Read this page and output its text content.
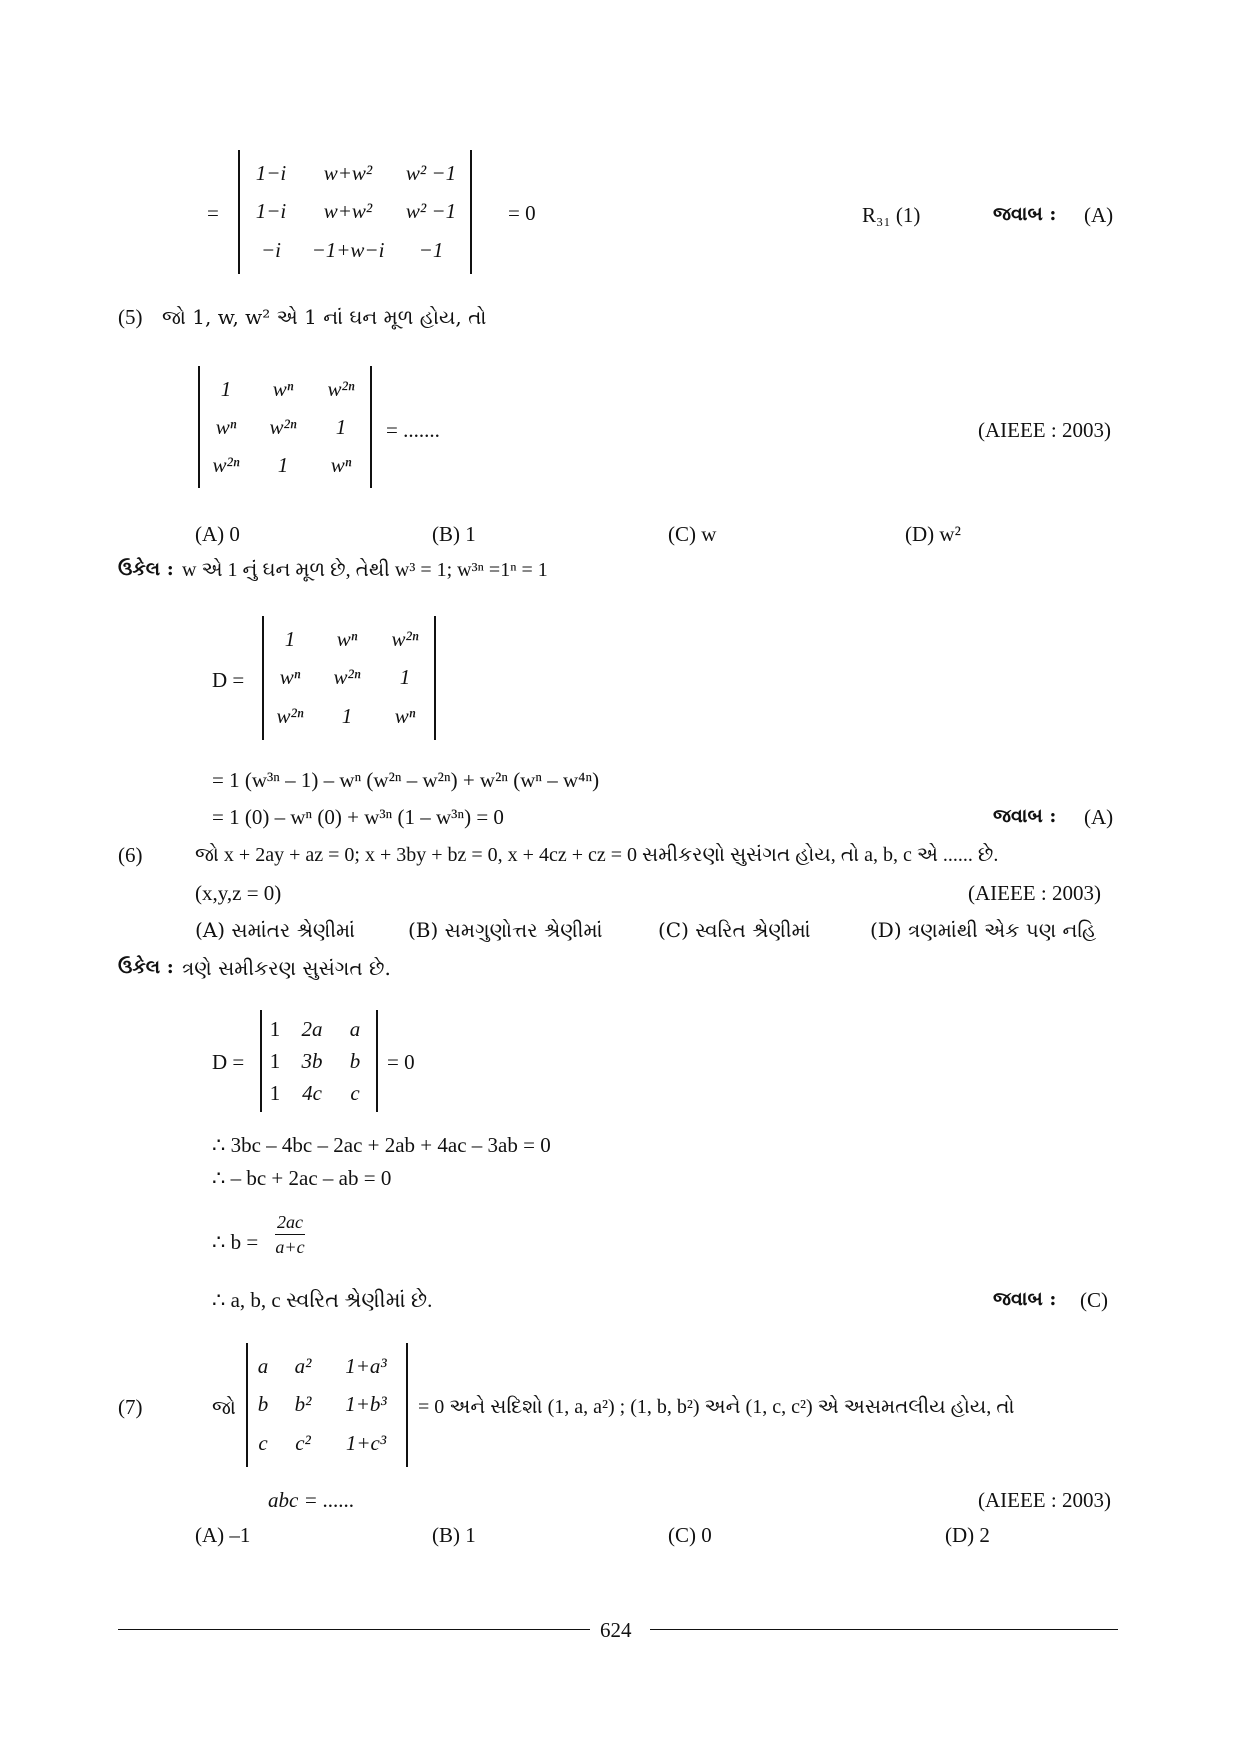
=
1−i	w+w²	w² −1
1−i	w+w²	w² −1
−i	−1+w−i	−1
= 0	R₃₁ (1)	જવાબ : (A)
(5) જો 1, w, w² એ 1 નાં ઘન મૂળ હોય, તો
1	wⁿ	w²ⁿ
wⁿ	w²ⁿ	1
w²ⁿ	1	wⁿ
= .......	(AIEEE : 2003)
(A) 0	(B) 1	(C) w	(D) w²
ઉકેલ : w એ 1 નું ઘન મૂળ છે, તેથી w³ = 1; w³ⁿ =1ⁿ = 1
D =
1	wⁿ	w²ⁿ
wⁿ	w²ⁿ	1
w²ⁿ	1	wⁿ
= 1 (w³ⁿ – 1) – wⁿ (w²ⁿ – w²ⁿ) + w²ⁿ (wⁿ – w⁴ⁿ)
= 1 (0) – wⁿ (0) + w³ⁿ (1 – w³ⁿ) = 0	જવાબ : (A)
(6)	જો x + 2ay + az = 0; x + 3by + bz = 0, x + 4cz + cz = 0 સમીકરણો સુસંગત હોય, તો a, b, c એ ...... છે.
(x,y,z = 0)	(AIEEE : 2003)
(A) સમાંતર શ્રેણીમાં	(B) સમગુણોત્તર શ્રેણીમાં	(C) સ્વરિત શ્રેણીમાં	(D) ત્રણમાંથી એક પણ નહિ
ઉકેલ : ત્રણે સમીકરણ સુસંગત છે.
D =
1	2a	a
1	3b	b
1	4c	c
= 0
∴ 3bc – 4bc – 2ac + 2ab + 4ac – 3ab = 0
∴ – bc + 2ac – ab = 0
∴ $b = \frac{2ac}{a+c}$
∴ a, b, c સ્વરિત શ્રેણીમાં છે.	જવાબ : (C)
(7)	જો
a	a²	1+a³
b	b²	1+b³
c	c²	1+c³
= 0 અને સદિશો (1, a, a²) ; (1, b, b²) અને (1, c, c²) એ અસમતલીય હોય, તો
abc = ......	(AIEEE : 2003)
(A) –1	(B) 1	(C) 0	(D) 2
624
